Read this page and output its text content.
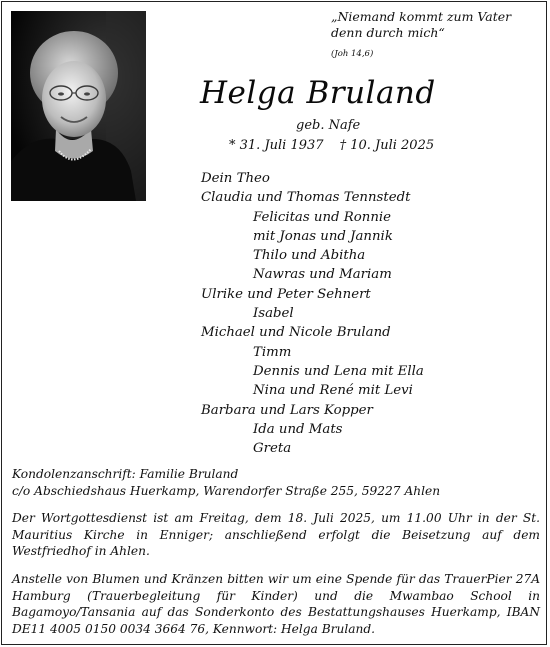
„Niemand kommt zum Vater
denn durch mich“
(Joh 14,6)
Helga Bruland
geb. Nafe
* 31. Juli 1937 † 10. Juli 2025
Dein Theo
Claudia und Thomas Tennstedt
Felicitas und Ronnie
mit Jonas und Jannik
Thilo und Abitha
Nawras und Mariam
Ulrike und Peter Sehnert
Isabel
Michael und Nicole Bruland
Timm
Dennis und Lena mit Ella
Nina und René mit Levi
Barbara und Lars Kopper
Ida und Mats
Greta
Kondolenzanschrift: Familie Bruland
c/o Abschiedshaus Huerkamp, Warendorfer Straße 255, 59227 Ahlen
Der Wortgottesdienst ist am Freitag, dem 18. Juli 2025, um 11.00 Uhr in der St. Mauritius Kirche in Enniger; anschließend erfolgt die Beisetzung auf dem Westfriedhof in Ahlen.
Anstelle von Blumen und Kränzen bitten wir um eine Spende für das TrauerPier 27A Hamburg (Trauerbegleitung für Kinder) und die Mwambao School in Bagamoyo/Tansania auf das Sonderkonto des Bestattungshauses Huerkamp, IBAN DE11 4005 0150 0034 3664 76, Kennwort: Helga Bruland.
